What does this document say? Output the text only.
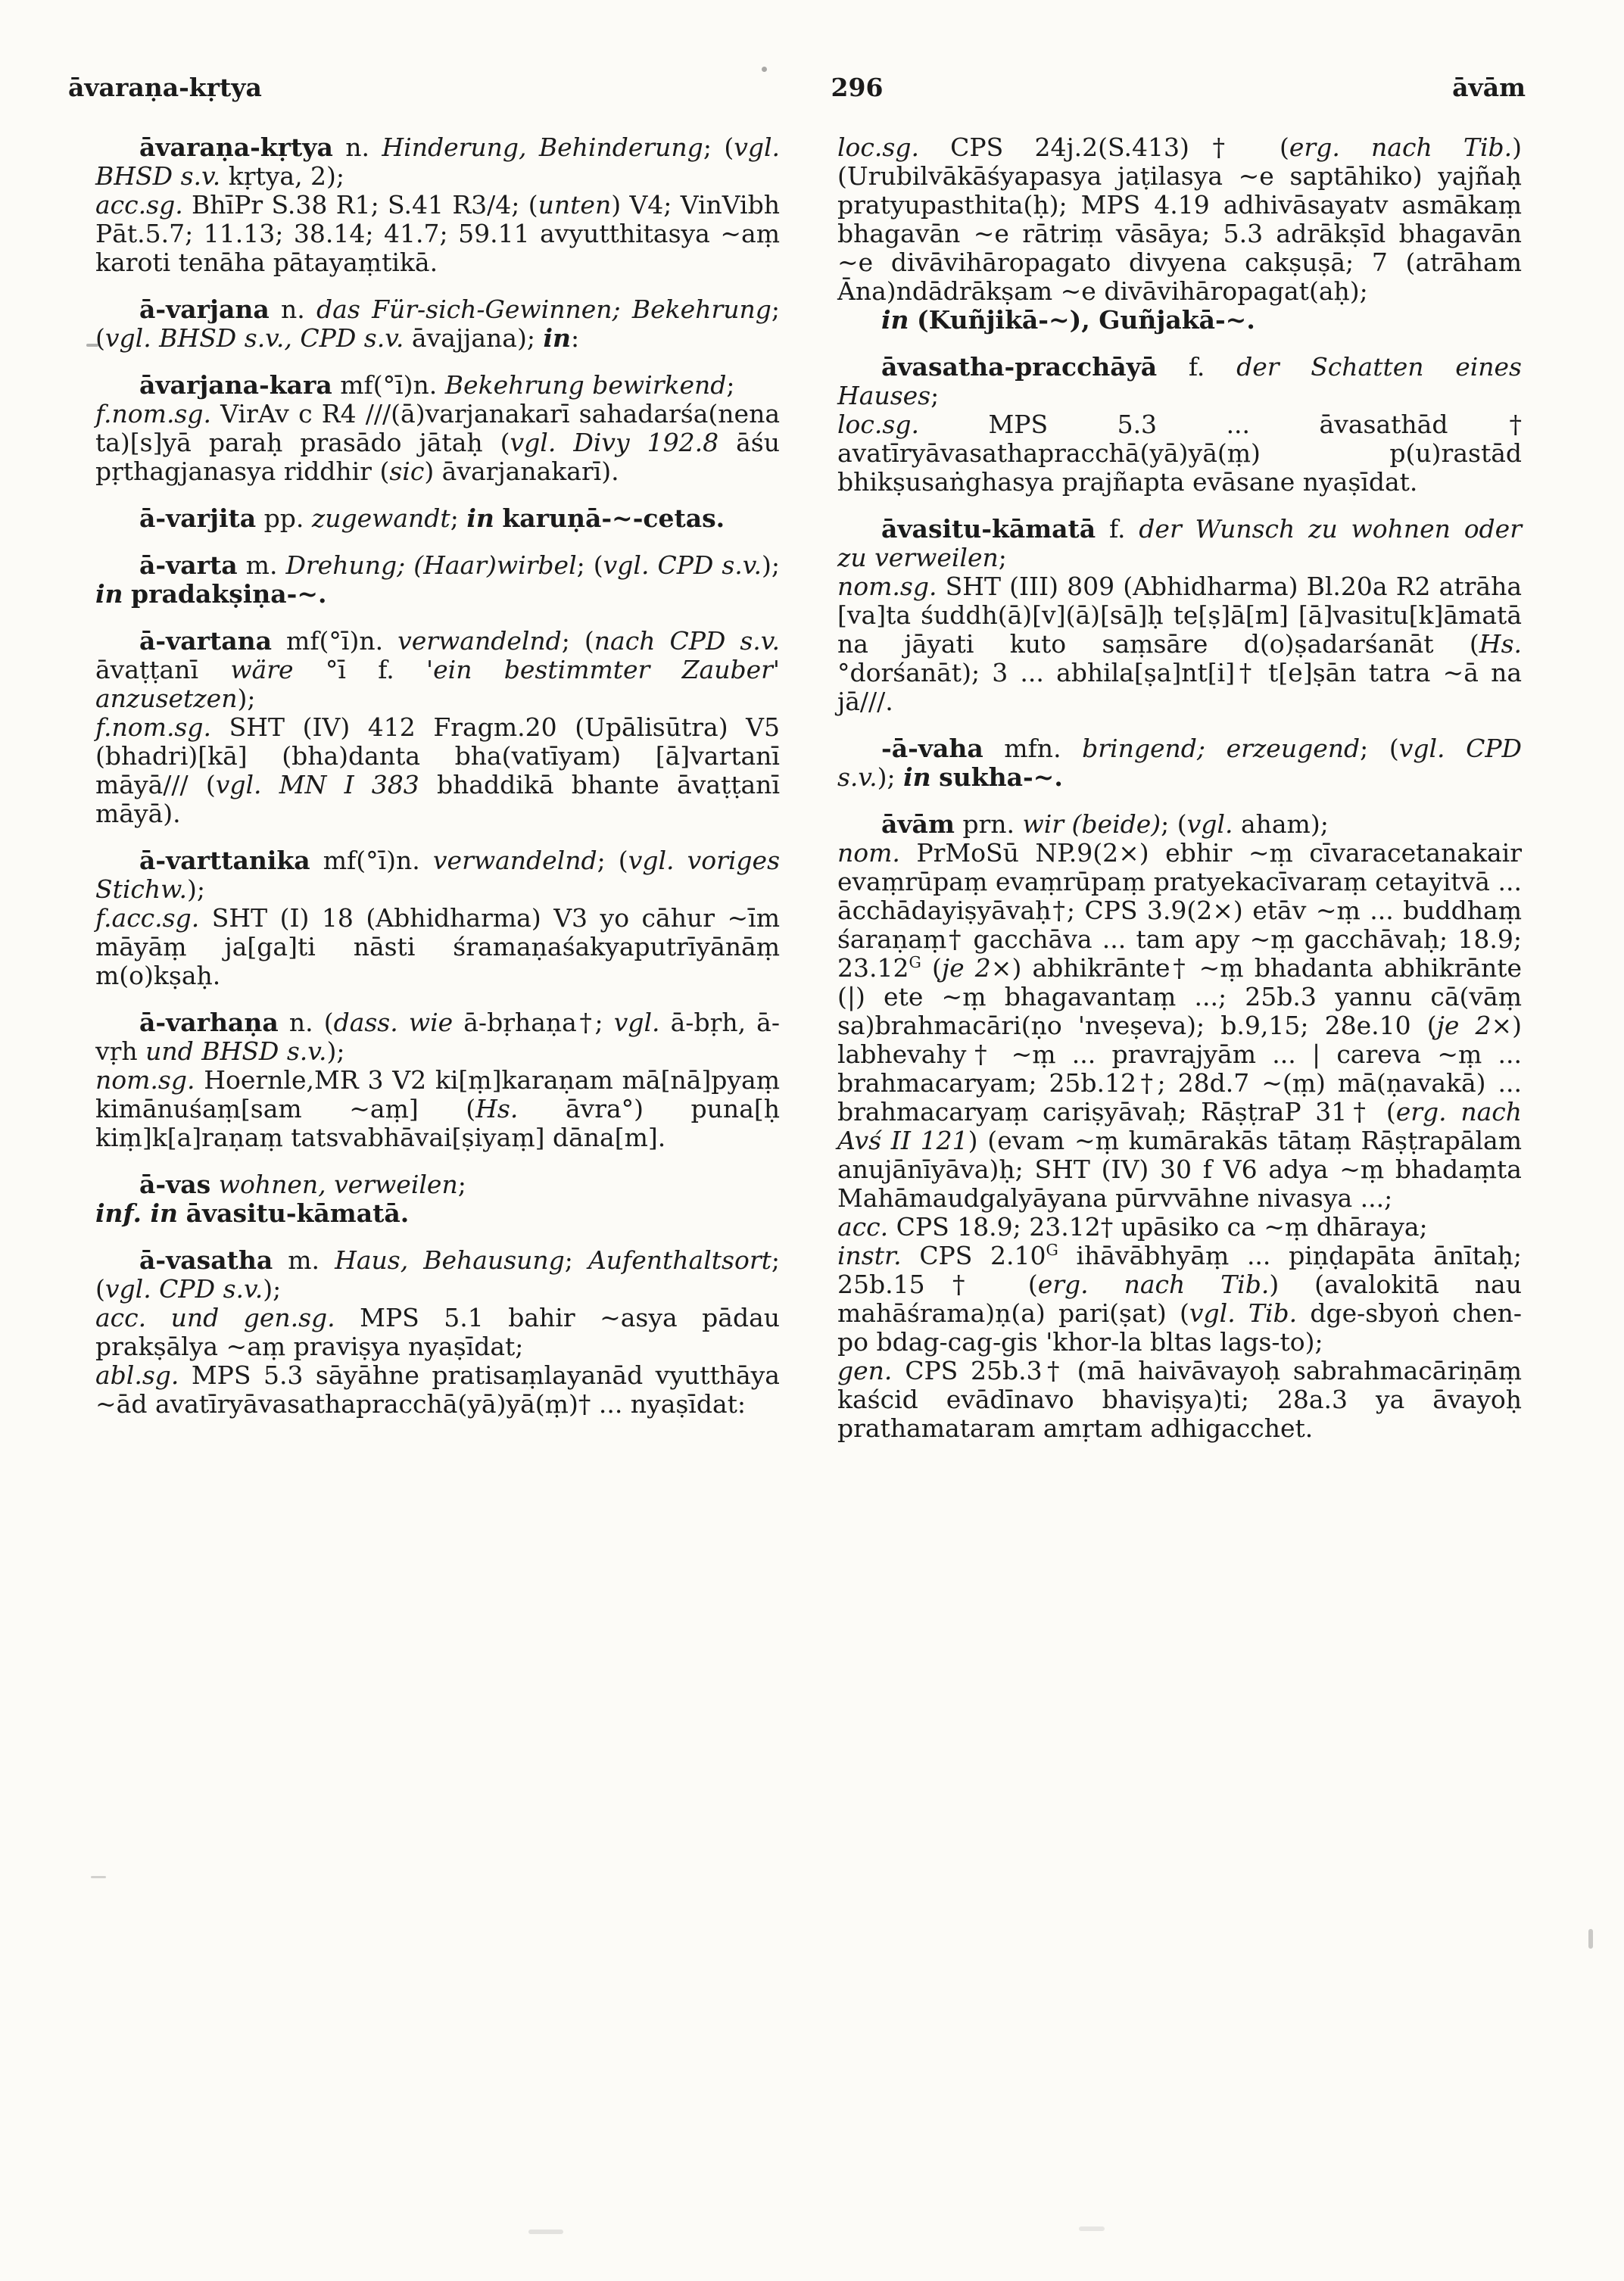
āvaraṇa-kṛtya	296	āvām

āvaraṇa-kṛtya n. Hinderung, Behinderung; (vgl. BHSD s.v. kṛtya, 2);

acc.sg. BhīPr S.38 R1; S.41 R3/4; (unten) V4; VinVibh Pāt.5.7; 11.13; 38.14; 41.7; 59.11 avyutthitasya ~aṃ karoti tenāha pātayaṃtikā.

ā-varjana n. das Für-sich-Gewinnen; Bekehrung; (vgl. BHSD s.v., CPD s.v. āvajjana); in:

āvarjana-kara mf(°ī)n. Bekehrung bewirkend;

f.nom.sg. VirAv c R4 ///(ā)varjanakarī sahadarśa(nena ta)[s]yā paraḥ prasādo jātaḥ (vgl. Divy 192.8 āśu pṛthagjanasya riddhir (sic) āvarjanakarī).

ā-varjita pp. zugewandt; in karuṇā-~-cetas.

ā-varta m. Drehung; (Haar)wirbel; (vgl. CPD s.v.); in pradakṣiṇa-~.

ā-vartana mf(°ī)n. verwandelnd; (nach CPD s.v. āvaṭṭanī wäre °ī f. 'ein bestimmter Zauber' anzusetzen);

f.nom.sg. SHT (IV) 412 Fragm.20 (Upālisūtra) V5 (bhadri)[kā] (bha)danta bha(vatīyam) [ā]vartanī māyā/// (vgl. MN I 383 bhaddikā bhante āvaṭṭanī māyā).

ā-varttanika mf(°ī)n. verwandelnd; (vgl. voriges Stichw.);

f.acc.sg. SHT (I) 18 (Abhidharma) V3 yo cāhur ~īm māyāṃ ja[ga]ti nāsti śramaṇaśakyaputrīyānāṃ m(o)kṣaḥ.

ā-varhaṇa n. (dass. wie ā-bṛhaṇa†; vgl. ā-bṛh, ā-vṛh und BHSD s.v.);

nom.sg. Hoernle,MR 3 V2 ki[ṃ]karaṇam mā[nā]pyaṃ kimānuśaṃ[sam ~aṃ] (Hs. āvra°) puna[ḥ kiṃ]k[a]raṇaṃ tatsvabhāvai[ṣiyaṃ] dāna[m].

ā-vas wohnen, verweilen;

inf. in āvasitu-kāmatā.

ā-vasatha m. Haus, Behausung; Aufenthaltsort; (vgl. CPD s.v.);

acc. und gen.sg. MPS 5.1 bahir ~asya pādau prakṣālya ~aṃ praviṣya nyaṣīdat;

abl.sg. MPS 5.3 sāyāhne pratisaṃlayanād vyutthāya ~ād avatīryāvasathapracchā(yā)yā(ṃ)† ... nyaṣīdat:

loc.sg. CPS 24j.2(S.413)† (erg. nach Tib.) (Urubilvākāśyapasya jaṭilasya ~e saptāhiko) yajñaḥ pratyupasthita(ḥ); MPS 4.19 adhivāsayatv asmākaṃ bhagavān ~e rātriṃ vāsāya; 5.3 adrākṣīd bhagavān ~e divāvihāropagato divyena cakṣuṣā; 7 (atrāham Āna)ndādrākṣam ~e divāvihāropagat(aḥ);

in (Kuñjikā-~), Guñjakā-~.

āvasatha-pracchāyā f. der Schatten eines Hauses;

loc.sg. MPS 5.3 ... āvasathād† avatīryāvasathapracchā(yā)yā(ṃ) p(u)rastād bhikṣusaṅghasya prajñapta evāsane nyaṣīdat.

āvasitu-kāmatā f. der Wunsch zu wohnen oder zu verweilen;

nom.sg. SHT (III) 809 (Abhidharma) Bl.20a R2 atrāha [va]ta śuddh(ā)[v](ā)[sā]ḥ te[ṣ]ā[m] [ā]vasitu[k]āmatā na jāyati kuto saṃsāre d(o)ṣadarśanāt (Hs. °dorśanāt); 3 ... abhila[ṣa]nt[i]† t[e]ṣān tatra ~ā na jā///.

-ā-vaha mfn. bringend; erzeugend; (vgl. CPD s.v.); in sukha-~.

āvām prn. wir (beide); (vgl. aham);

nom. PrMoSū NP.9(2×) ebhir ~ṃ cīvaracetanakair evaṃrūpaṃ evaṃrūpaṃ pratyekacīvaraṃ cetayitvā ... ācchādayiṣyāvaḥ†; CPS 3.9(2×) etāv ~ṃ ... buddhaṃ śaraṇaṃ† gacchāva ... tam apy ~ṃ gacchāvaḥ; 18.9; $23.12^G$ (je 2×) abhikrānte† ~ṃ bhadanta abhikrānte (|) ete ~ṃ bhagavantaṃ ...; 25b.3 yannu cā(vāṃ sa)brahmacāri(ṇo 'nveṣeva); b.9,15; 28e.10 (je 2×) labhevahy† ~ṃ ... pravrajyām ... | careva ~ṃ ... brahmacaryam; 25b.12†; 28d.7 ~(ṃ) mā(ṇavakā) ... brahmacaryaṃ cariṣyāvaḥ; RāṣṭraP 31† (erg. nach Avś II 121) (evam ~ṃ kumārakās tātaṃ Rāṣṭrapālam anujānīyāva)ḥ; SHT (IV) 30 f V6 adya ~ṃ bhadaṃta Mahāmaudgalyāyana pūrvvāhne nivasya ...;

acc. CPS 18.9; 23.12† upāsiko ca ~ṃ dhāraya;

instr. CPS $2.10^G$ ihāvābhyāṃ ... piṇḍapāta ānītaḥ; 25b.15† (erg. nach Tib.) (avalokitā nau mahāśrama)ṇ(a) pari(ṣat) (vgl. Tib. dge-sbyoṅ chen-po bdag-cag-gis 'khor-la bltas lags-to);

gen. CPS 25b.3† (mā haivāvayoḥ sabrahmacāriṇāṃ kaścid evādīnavo bhaviṣya)ti; 28a.3 ya āvayoḥ prathamataram amṛtam adhigacchet.
